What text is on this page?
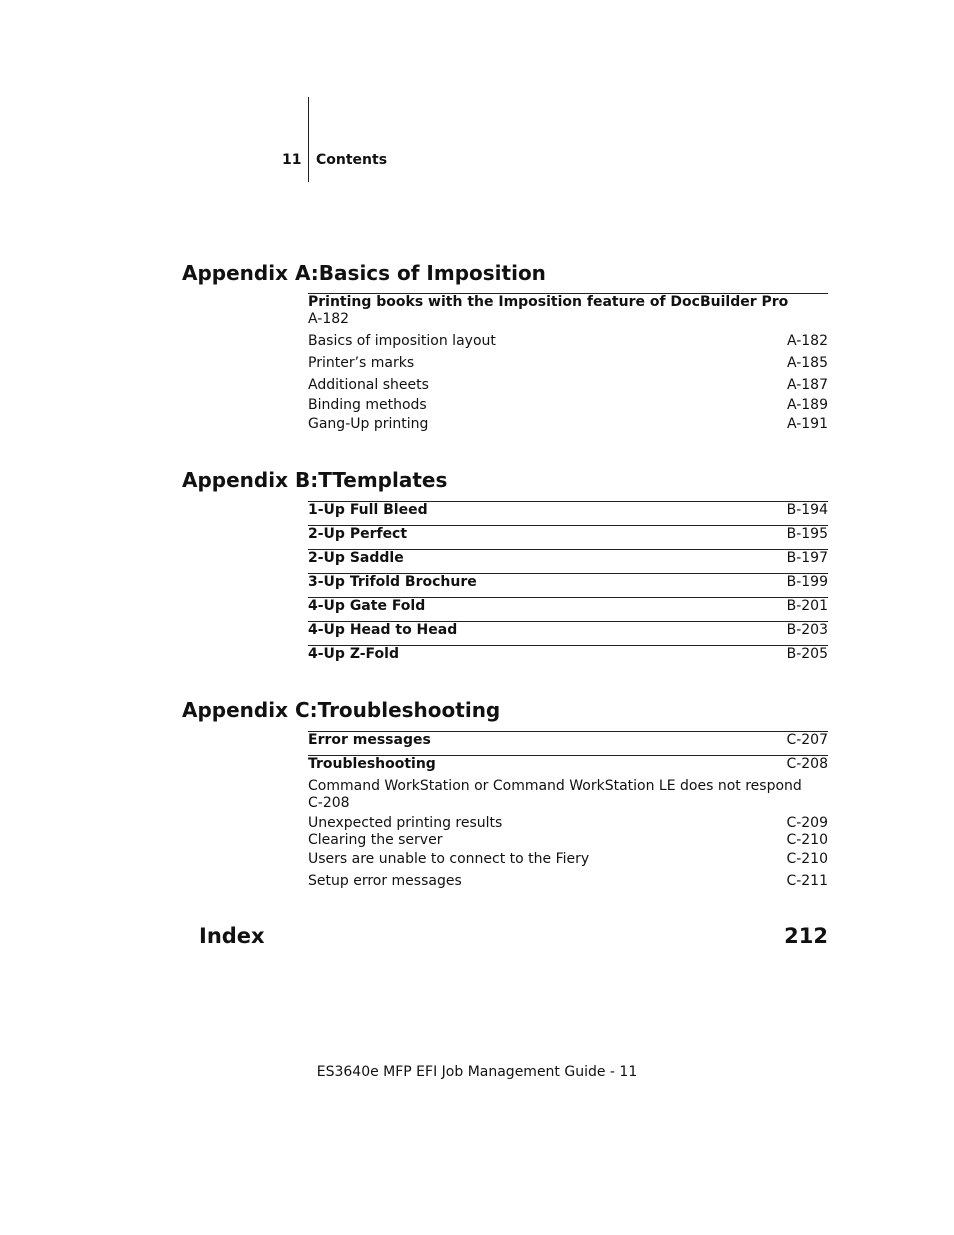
11 Contents
Appendix A:Basics of Imposition
Printing books with the Imposition feature of DocBuilder Pro
A-182
Basics of imposition layout	A-182
Printer’s marks	A-185
Additional sheets	A-187
Binding methods	A-189
Gang-Up printing	A-191
Appendix B:TTemplates
1-Up Full Bleed	B-194
2-Up Perfect	B-195
2-Up Saddle	B-197
3-Up Trifold Brochure	B-199
4-Up Gate Fold	B-201
4-Up Head to Head	B-203
4-Up Z-Fold	B-205
Appendix C:Troubleshooting
Error messages	C-207
Troubleshooting	C-208
Command WorkStation or Command WorkStation LE does not respond
C-208
Unexpected printing results	C-209
Clearing the server	C-210
Users are unable to connect to the Fiery	C-210
Setup error messages	C-211
Index	212
ES3640e MFP EFI Job Management Guide - 11
